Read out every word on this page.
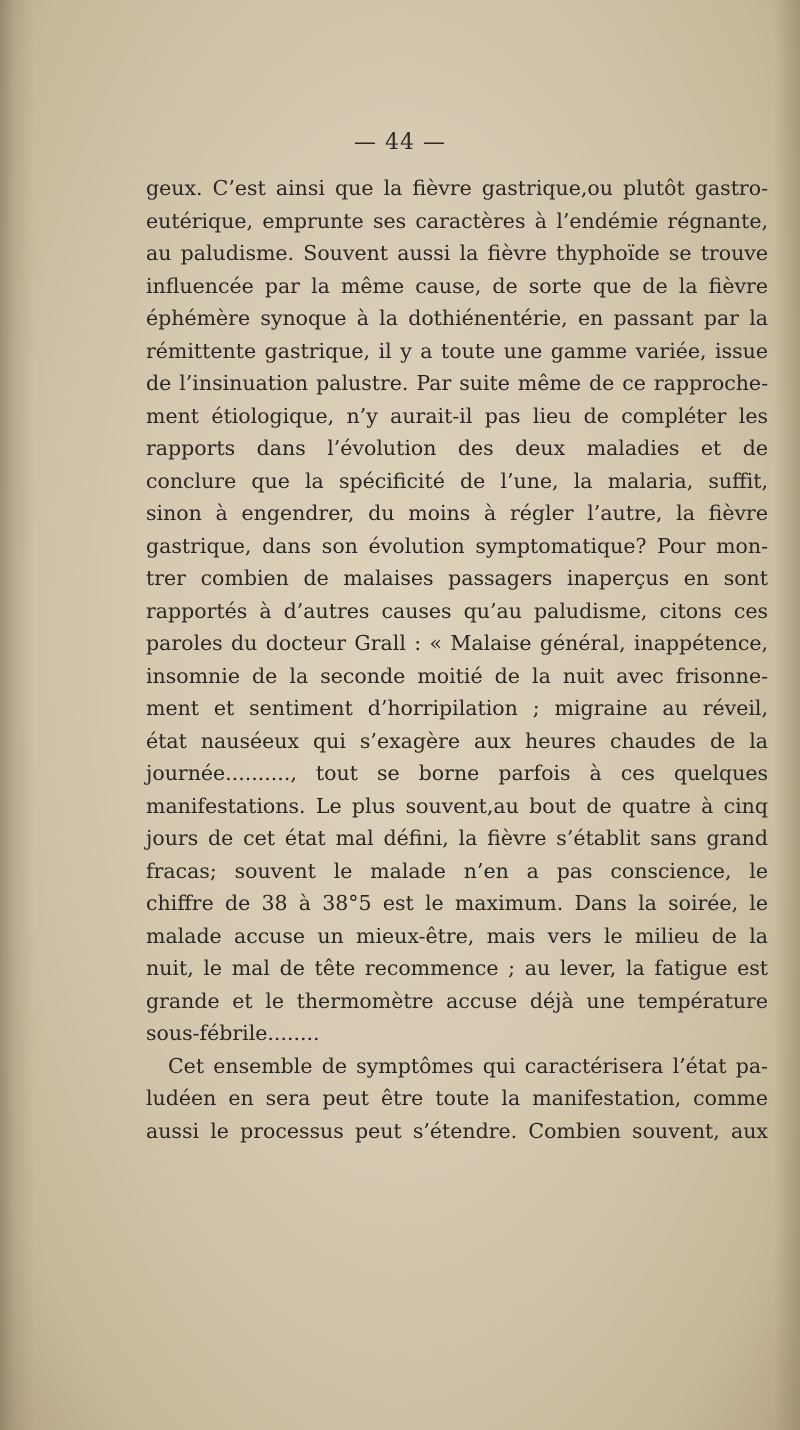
— 44 —
geux. C’est ainsi que la fièvre gastrique,ou plutôt gastro-
eutérique, emprunte ses caractères à l’endémie régnante,
au paludisme. Souvent aussi la fièvre thyphoïde se trouve
influencée par la même cause, de sorte que de la fièvre
éphémère synoque à la dothiénentérie, en passant par la
rémittente gastrique, il y a toute une gamme variée, issue
de l’insinuation palustre. Par suite même de ce rapproche-
ment étiologique, n’y aurait-il pas lieu de compléter les
rapports dans l’évolution des deux maladies et de
conclure que la spécificité de l’une, la malaria, suffit,
sinon à engendrer, du moins à régler l’autre, la fièvre
gastrique, dans son évolution symptomatique? Pour mon-
trer combien de malaises passagers inaperçus en sont
rapportés à d’autres causes qu’au paludisme, citons ces
paroles du docteur Grall : « Malaise général, inappétence,
insomnie de la seconde moitié de la nuit avec frisonne-
ment et sentiment d’horripilation ; migraine au réveil,
état nauséeux qui s’exagère aux heures chaudes de la
journée.........., tout se borne parfois à ces quelques
manifestations. Le plus souvent,au bout de quatre à cinq
jours de cet état mal défini, la fièvre s’établit sans grand
fracas; souvent le malade n’en a pas conscience, le
chiffre de 38 à 38°5 est le maximum. Dans la soirée, le
malade accuse un mieux-être, mais vers le milieu de la
nuit, le mal de tête recommence ; au lever, la fatigue est
grande et le thermomètre accuse déjà une température
sous-fébrile........
Cet ensemble de symptômes qui caractérisera l’état pa-
ludéen en sera peut être toute la manifestation, comme
aussi le processus peut s’étendre. Combien souvent, aux
